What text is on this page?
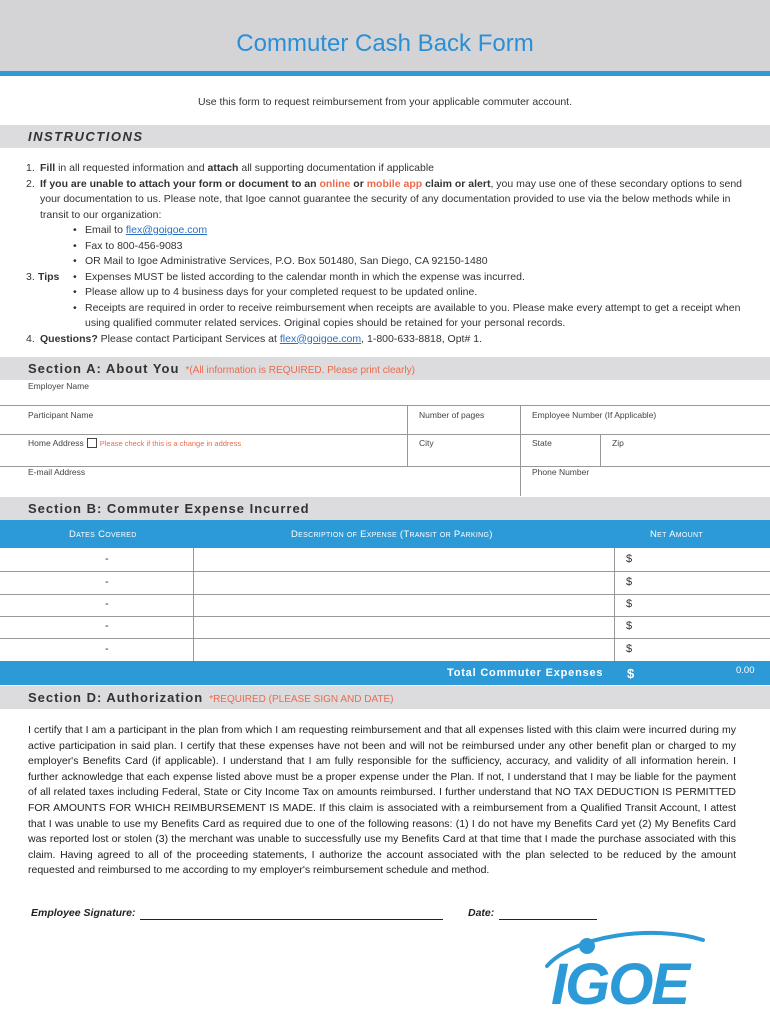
Commuter Cash Back Form
Use this form to request reimbursement from your applicable commuter account.
INSTRUCTIONS
1. Fill in all requested information and attach all supporting documentation if applicable
2. If you are unable to attach your form or document to an online or mobile app claim or alert, you may use one of these secondary options to send your documentation to us. Please note, that Igoe cannot guarantee the security of any documentation provided to use via the below methods while in transit to our organization:
• Email to flex@goigoe.com
• Fax to 800-456-9083
• OR Mail to Igoe Administrative Services, P.O. Box 501480, San Diego, CA 92150-1480
3. Tips
•	Expenses MUST be listed according to the calendar month in which the expense was incurred.
• Please allow up to 4 business days for your completed request to be updated online.
• Receipts are required in order to receive reimbursement when receipts are available to you. Please make every attempt to get a receipt when using qualified commuter related services. Original copies should be retained for your personal records.
4. Questions? Please contact Participant Services at flex@goigoe.com, 1-800-633-8818, Opt# 1.
Section A: About You *(All information is REQUIRED. Please print clearly)
Employer Name
Participant Name	Number of pages	Employee Number (If Applicable)
Home Address Please check if this is a change in address	City	State	Zip
E-mail Address	Phone Number
Section B: Commuter Expense Incurred
Dates Covered	Description of Expense (Transit or Parking)	Net Amount
-	$
-	$
-	$
-	$
-	$
Total Commuter Expenses $	0.00
Section D: Authorization *REQUIRED (PLEASE SIGN AND DATE)
I certify that I am a participant in the plan from which I am requesting reimbursement and that all expenses listed with this claim were incurred during my active participation in said plan. I certify that these expenses have not been and will not be reimbursed under any other benefit plan or charged to my employer's Benefits Card (if applicable). I understand that I am fully responsible for the sufficiency, accuracy, and validity of all information herein. I further acknowledge that each expense listed above must be a proper expense under the Plan. If not, I understand that I may be liable for the payment of all related taxes including Federal, State or City Income Tax on amounts reimbursed. I further understand that NO TAX DEDUCTION IS PERMITTED FOR AMOUNTS FOR WHICH REIMBURSEMENT IS MADE. If this claim is associated with a reimbursement from a Qualified Transit Account, I attest that I was unable to use my Benefits Card as required due to one of the following reasons: (1) I do not have my Benefits Card yet (2) My Benefits Card was reported lost or stolen (3) the merchant was unable to successfully use my Benefits Card at that time that I made the purchase associated with this claim. Having agreed to all of the proceeding statements, I authorize the account associated with the plan selected to be reduced by the amount requested and reimbursed to me according to my employer's reimbursement schedule and method.
Employee Signature:	Date:
IGOE
